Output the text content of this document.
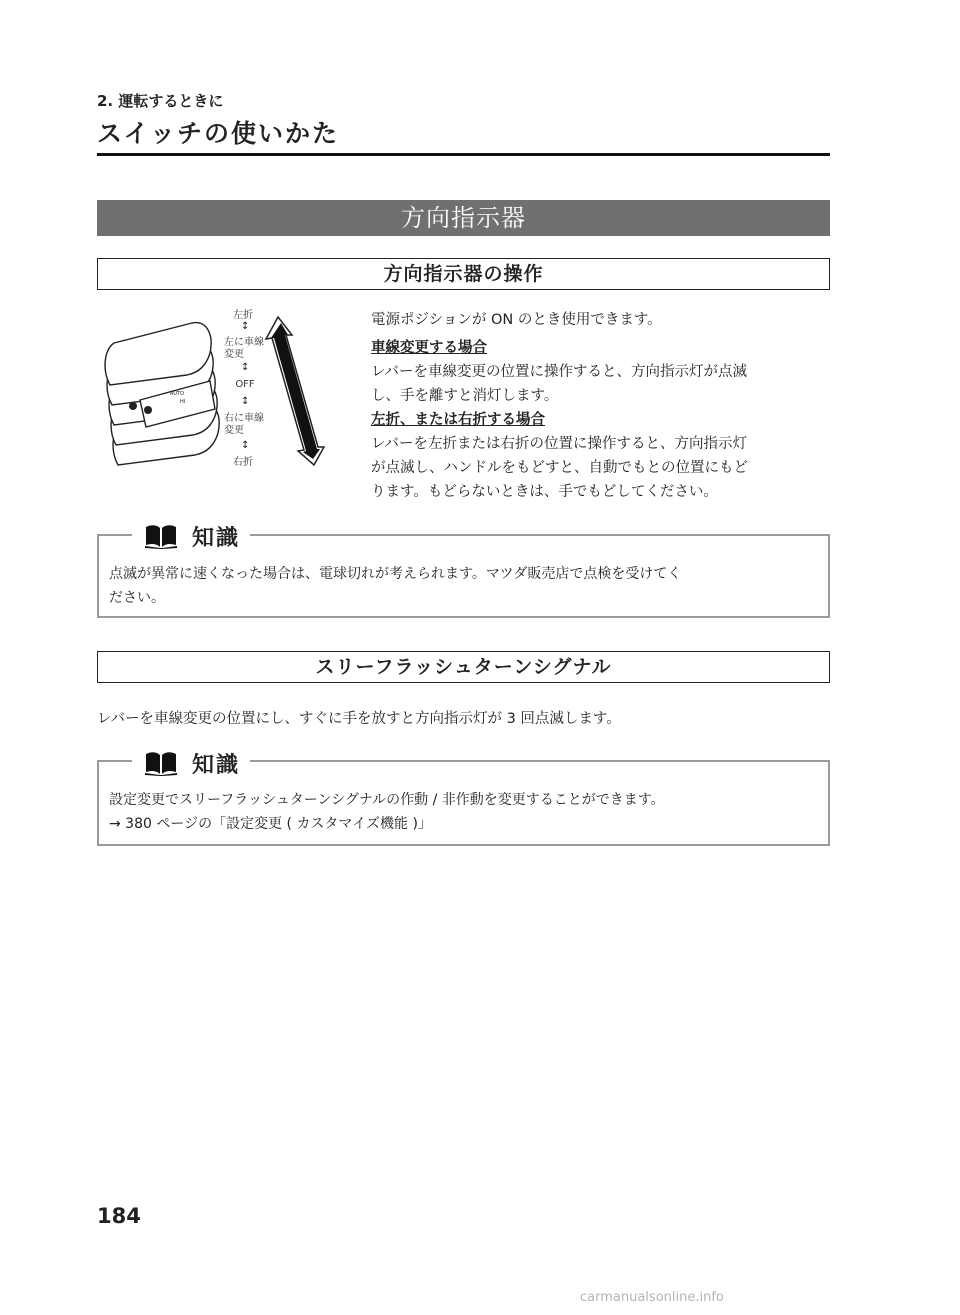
2. 運転するときに
スイッチの使いかた
方向指示器
方向指示器の操作
AUTO
HI
左折
↕
左に車線
変更
↕
OFF
↕
右に車線
変更
↕
右折

電源ポジションが ON のとき使用できます。

車線変更する場合

レバーを車線変更の位置に操作すると、方向指示灯が点滅

し、手を離すと消灯します。

左折、または右折する場合

レバーを左折または右折の位置に操作すると、方向指示灯

が点滅し、ハンドルをもどすと、自動でもとの位置にもど

ります。もどらないときは、手でもどしてください。

点滅が異常に速くなった場合は、電球切れが考えられます。マツダ販売店で点検を受けてく
ださい。
知識
スリーフラッシュターンシグナル
レバーを車線変更の位置にし、すぐに手を放すと方向指示灯が 3 回点滅します。
設定変更でスリーフラッシュターンシグナルの作動 / 非作動を変更することができます。
→ 380 ページの「設定変更 ( カスタマイズ機能 )」
知識
184
carmanualsonline.info
